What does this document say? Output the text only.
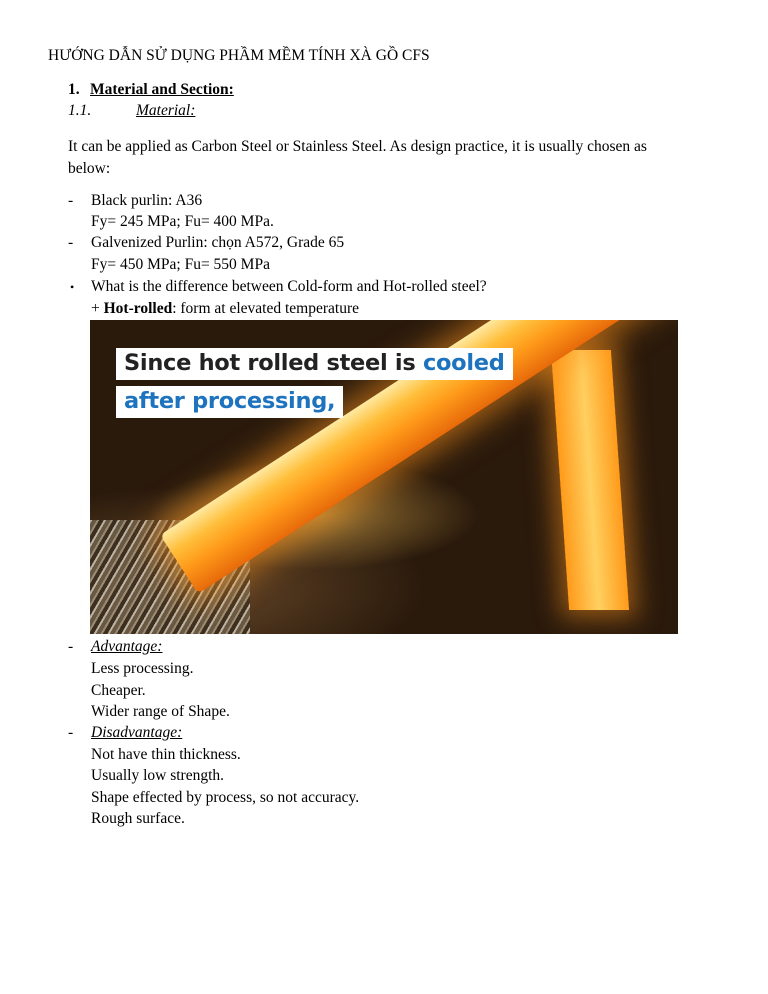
HƯỚNG DẪN SỬ DỤNG PHẦM MỀM TÍNH XÀ GỒ CFS
1. Material and Section:
1.1.	Material:
It can be applied as Carbon Steel or Stainless Steel. As design practice, it is usually chosen as below:
- Black purlin: A36
Fy= 245 MPa; Fu= 400 MPa.
- Galvenized Purlin: chọn A572, Grade 65
Fy= 450 MPa; Fu= 550 MPa
• What is the difference between Cold-form and Hot-rolled steel?
+ Hot-rolled: form at elevated temperature
Since hot rolled steel is cooled
after processing,
- Advantage:
Less processing.
Cheaper.
Wider range of Shape.
- Disadvantage:
Not have thin thickness.
Usually low strength.
Shape effected by process, so not accuracy.
Rough surface.
